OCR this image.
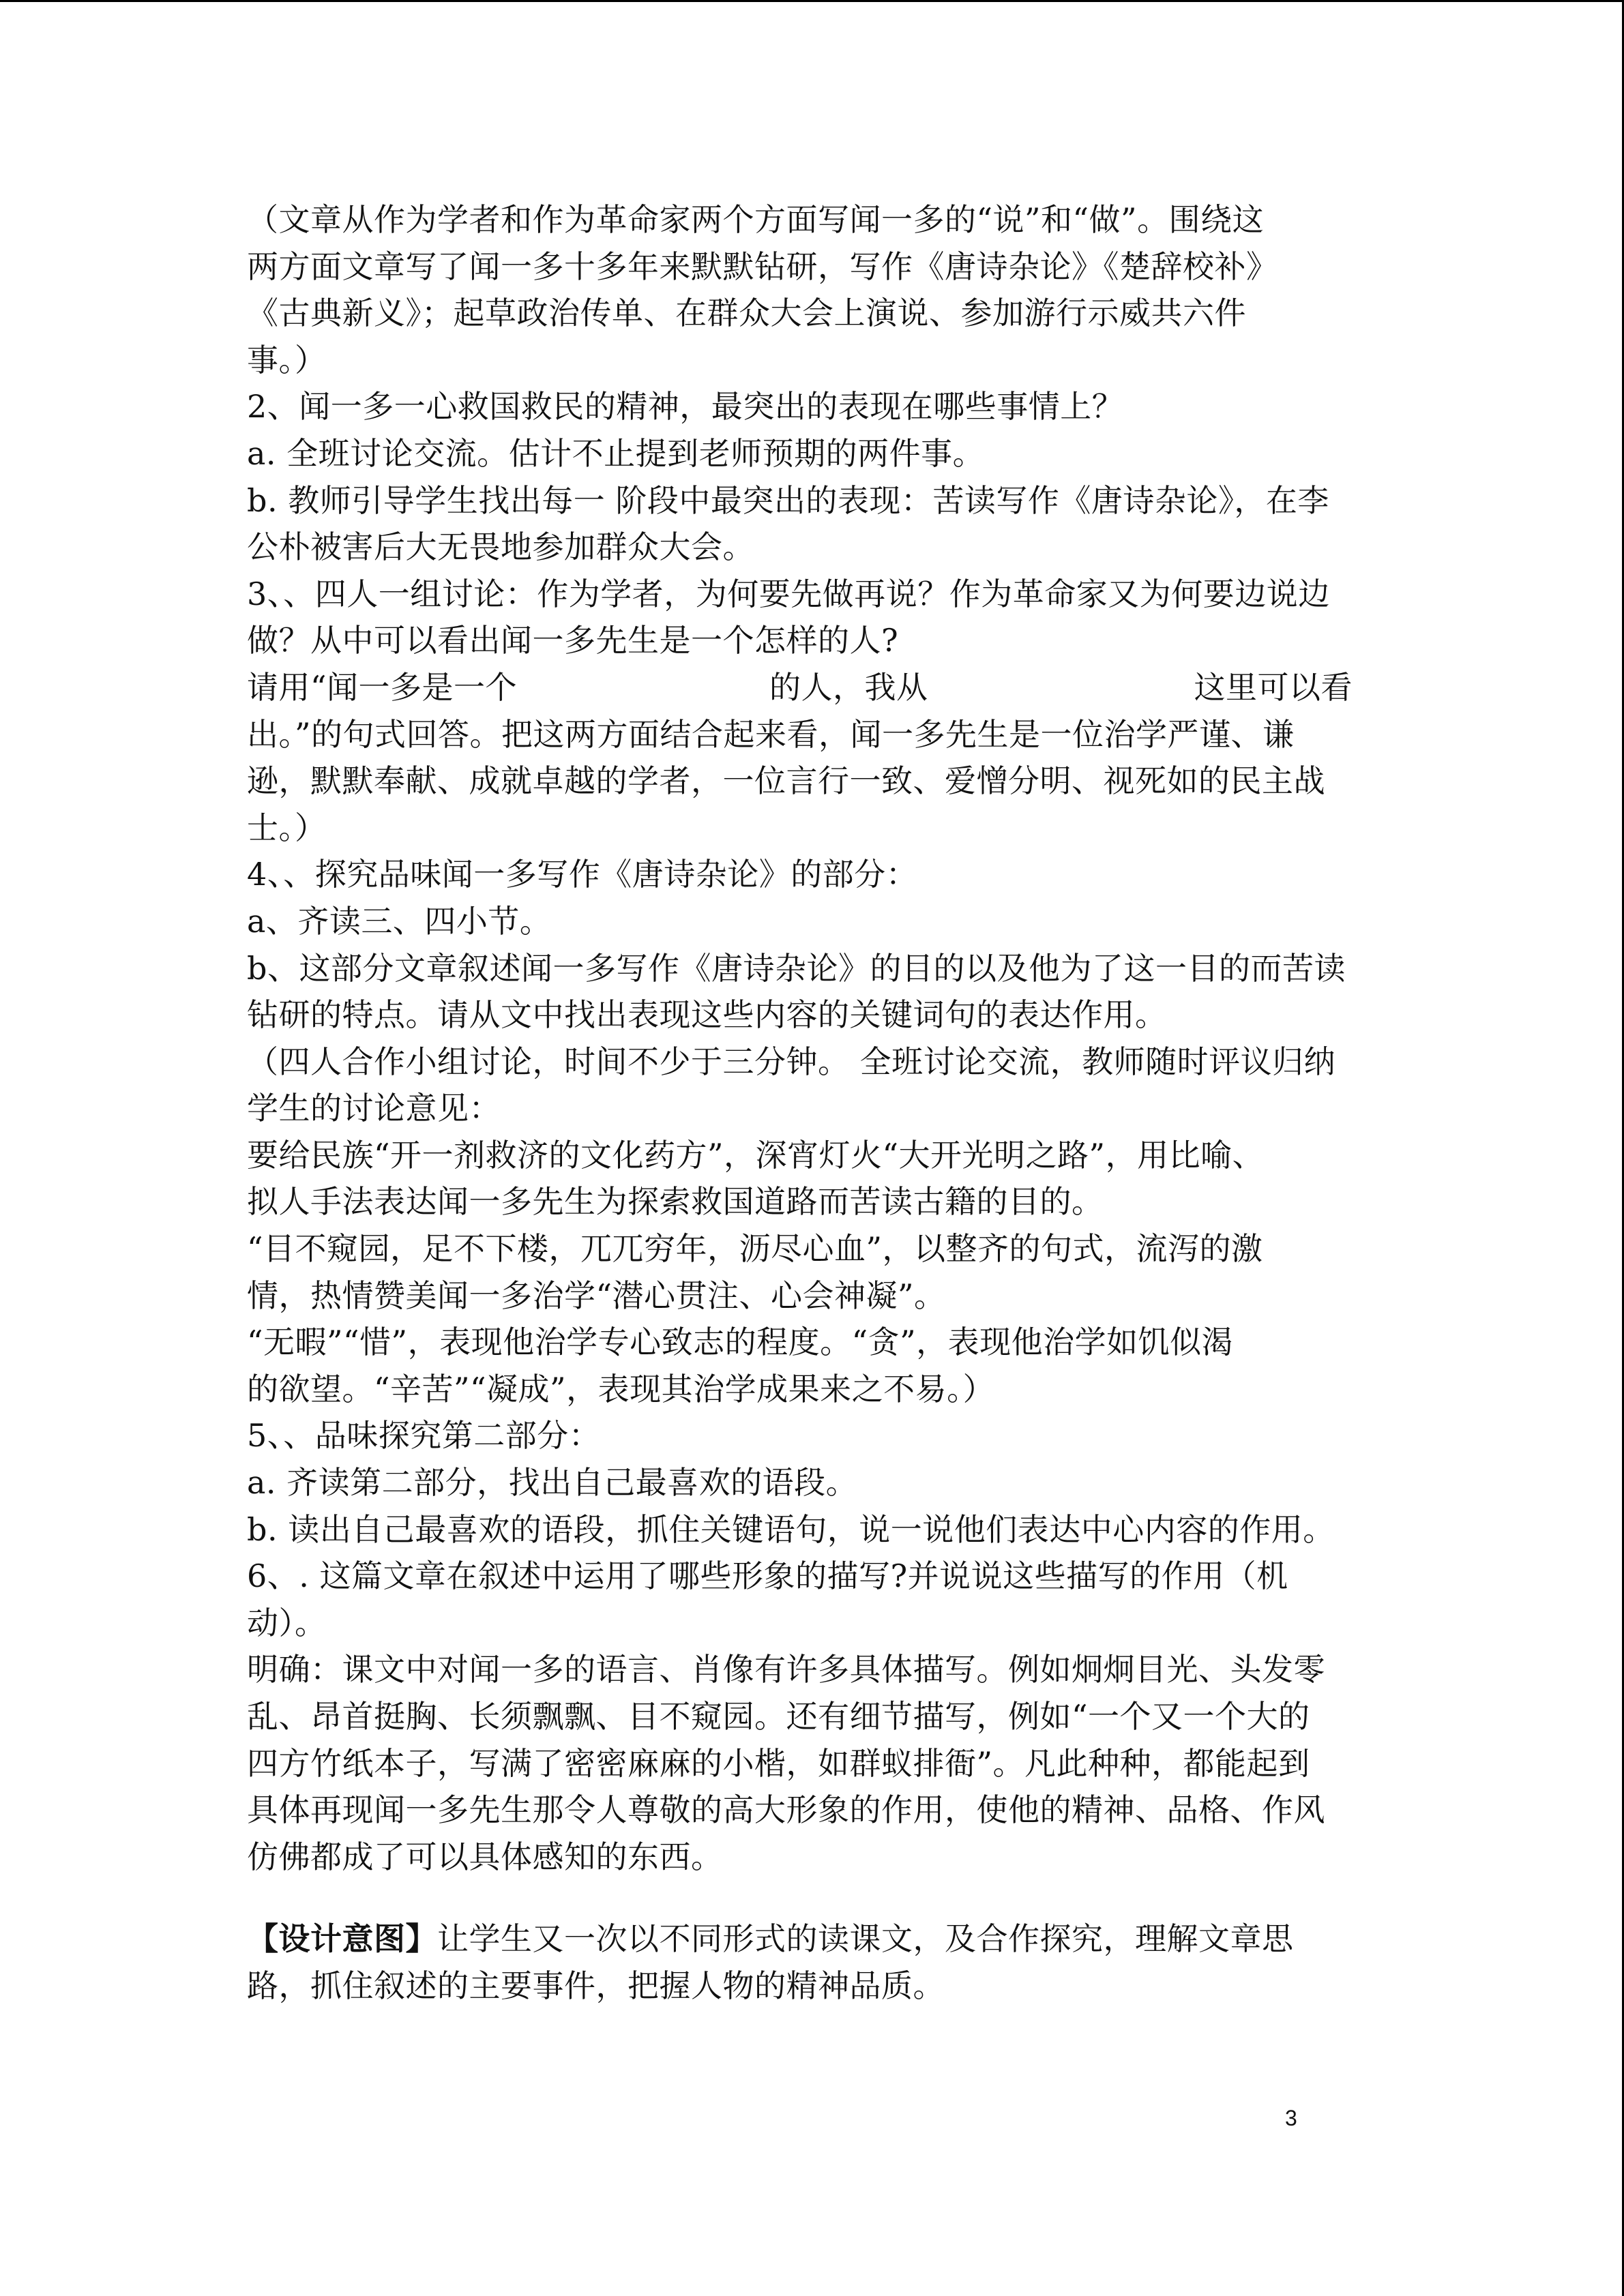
（文章从作为学者和作为革命家两个方面写闻一多的“说”和“做”。围绕这
两方面文章写了闻一多十多年来默默钻研，写作《唐诗杂论》《楚辞校补》
《古典新义》；起草政治传单、在群众大会上演说、参加游行示威共六件
事。）
2、闻一多一心救国救民的精神，最突出的表现在哪些事情上？
a. 全班讨论交流。估计不止提到老师预期的两件事。
b. 教师引导学生找出每一 阶段中最突出的表现：苦读写作《唐诗杂论》，在李
公朴被害后大无畏地参加群众大会。
3、、四人一组讨论：作为学者，为何要先做再说？作为革命家又为何要边说边
做？从中可以看出闻一多先生是一个怎样的人?
请用“闻一多是一个	的人，我从	这里可以看
出。”的句式回答。把这两方面结合起来看，闻一多先生是一位治学严谨、谦
逊，默默奉献、成就卓越的学者，一位言行一致、爱憎分明、视死如的民主战
士。）
4、、探究品味闻一多写作《唐诗杂论》的部分：
a、齐读三、四小节。
b、这部分文章叙述闻一多写作《唐诗杂论》的目的以及他为了这一目的而苦读
钻研的特点。请从文中找出表现这些内容的关键词句的表达作用。
（四人合作小组讨论，时间不少于三分钟。 全班讨论交流，教师随时评议归纳
学生的讨论意见：
要给民族“开一剂救济的文化药方”，深宵灯火“大开光明之路”，用比喻、
拟人手法表达闻一多先生为探索救国道路而苦读古籍的目的。
“目不窥园，足不下楼，兀兀穷年，沥尽心血”，以整齐的句式，流泻的激
情，热情赞美闻一多治学“潜心贯注、心会神凝”。
“无暇”“惜”，表现他治学专心致志的程度。“贪”，表现他治学如饥似渴
的欲望。“辛苦”“凝成”，表现其治学成果来之不易。）
5、、品味探究第二部分：
a. 齐读第二部分，找出自己最喜欢的语段。
b. 读出自己最喜欢的语段，抓住关键语句，说一说他们表达中心内容的作用。
6、. 这篇文章在叙述中运用了哪些形象的描写?并说说这些描写的作用（机
动）。
明确：课文中对闻一多的语言、肖像有许多具体描写。例如炯炯目光、头发零
乱、昂首挺胸、长须飘飘、目不窥园。还有细节描写，例如“一个又一个大的
四方竹纸本子，写满了密密麻麻的小楷，如群蚁排衙”。凡此种种，都能起到
具体再现闻一多先生那令人尊敬的高大形象的作用，使他的精神、品格、作风
仿佛都成了可以具体感知的东西。
【设计意图】让学生又一次以不同形式的读课文，及合作探究，理解文章思
路，抓住叙述的主要事件，把握人物的精神品质。
3
